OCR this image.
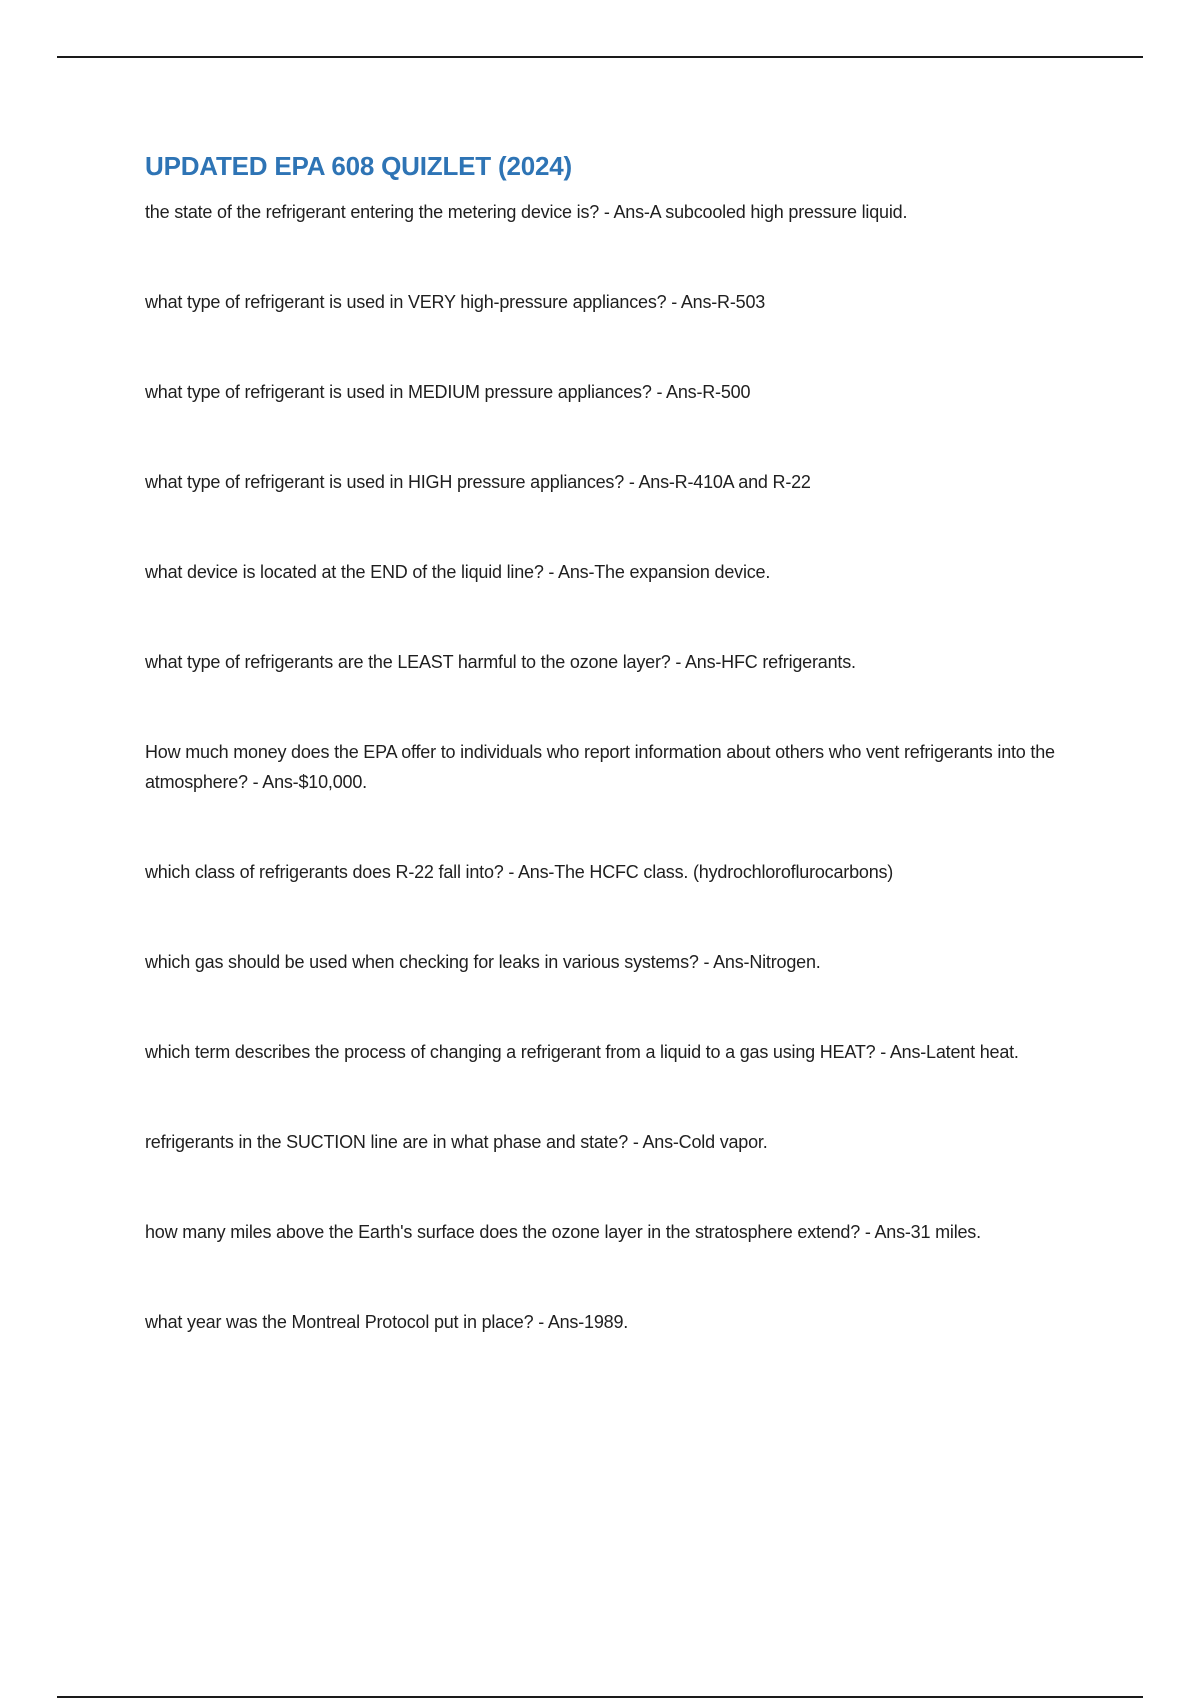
UPDATED EPA 608 QUIZLET (2024)
the state of the refrigerant entering the metering device is? - Ans-A subcooled high pressure liquid.
what type of refrigerant is used in VERY high-pressure appliances? - Ans-R-503
what type of refrigerant is used in MEDIUM pressure appliances? - Ans-R-500
what type of refrigerant is used in HIGH pressure appliances? - Ans-R-410A and R-22
what device is located at the END of the liquid line? - Ans-The expansion device.
what type of refrigerants are the LEAST harmful to the ozone layer? - Ans-HFC refrigerants.
How much money does the EPA offer to individuals who report information about others who vent refrigerants into the atmosphere? - Ans-$10,000.
which class of refrigerants does R-22 fall into? - Ans-The HCFC class. (hydrochloroflurocarbons)
which gas should be used when checking for leaks in various systems? - Ans-Nitrogen.
which term describes the process of changing a refrigerant from a liquid to a gas using HEAT? - Ans-Latent heat.
refrigerants in the SUCTION line are in what phase and state? - Ans-Cold vapor.
how many miles above the Earth's surface does the ozone layer in the stratosphere extend? - Ans-31 miles.
what year was the Montreal Protocol put in place? - Ans-1989.
